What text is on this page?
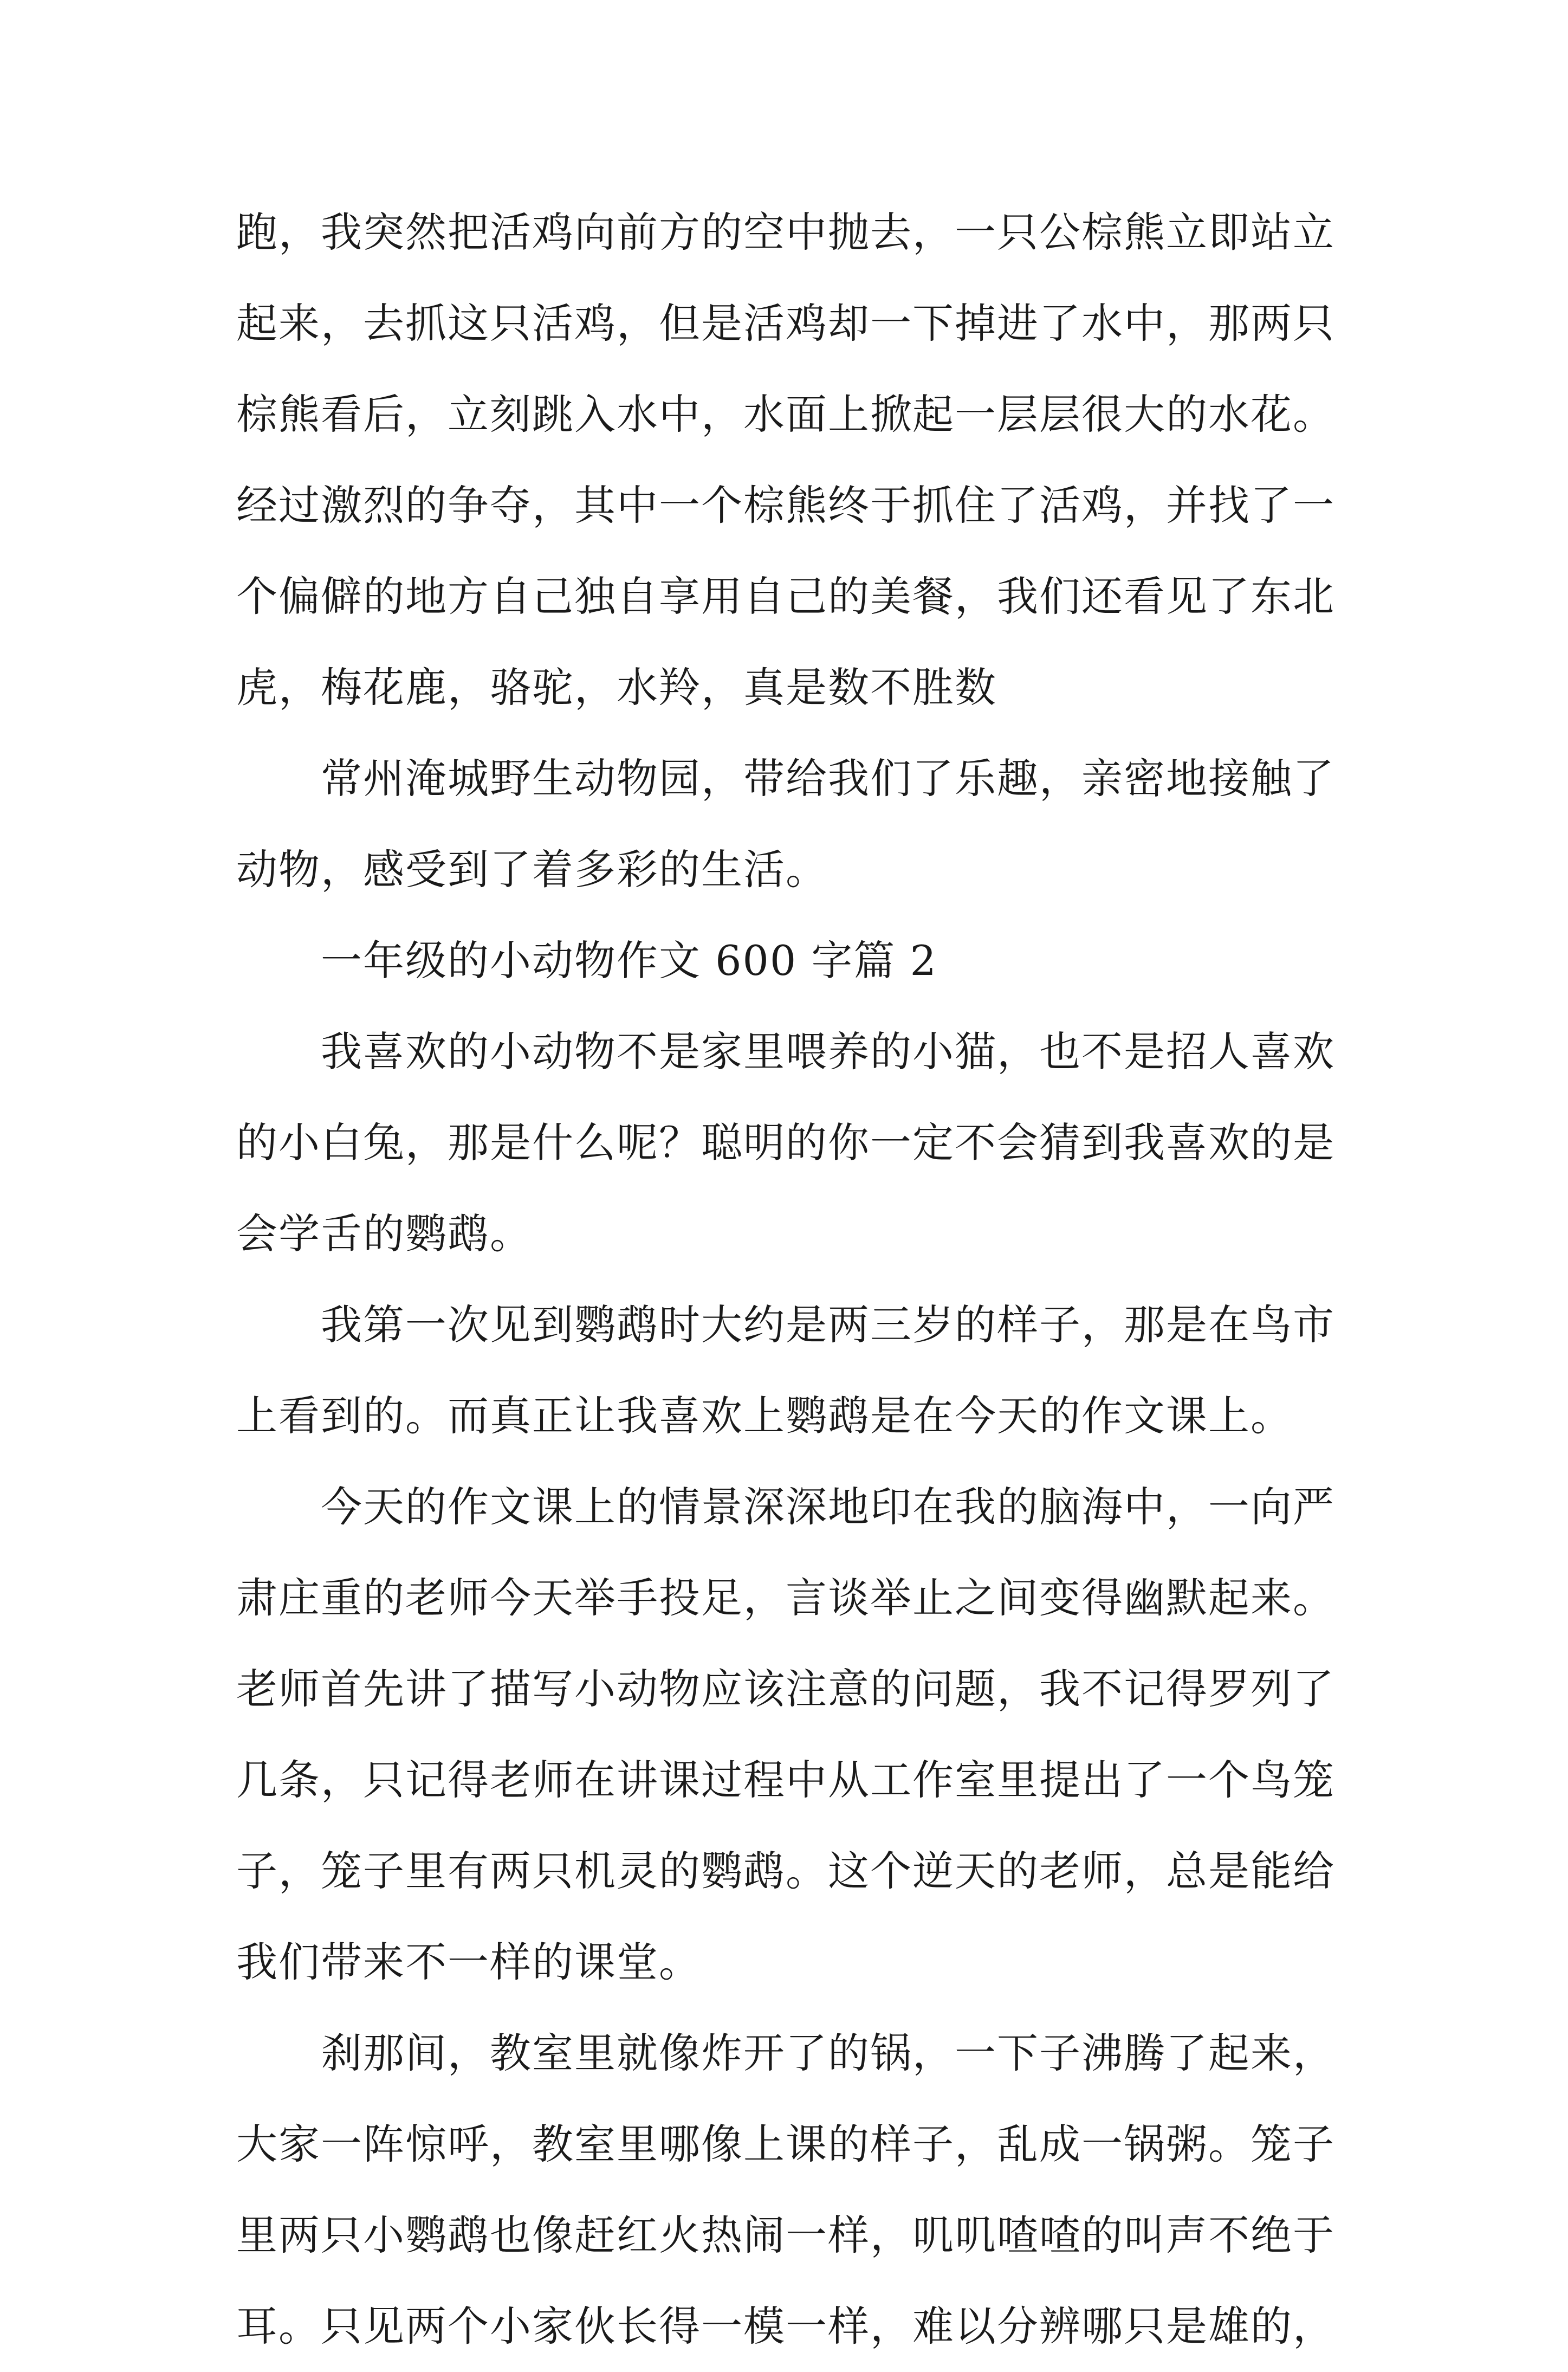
跑，我突然把活鸡向前方的空中抛去，一只公棕熊立即站立
起来，去抓这只活鸡，但是活鸡却一下掉进了水中，那两只
棕熊看后，立刻跳入水中，水面上掀起一层层很大的水花。
经过激烈的争夺，其中一个棕熊终于抓住了活鸡，并找了一
个偏僻的地方自己独自享用自己的美餐，我们还看见了东北
虎，梅花鹿，骆驼，水羚，真是数不胜数

　　常州淹城野生动物园，带给我们了乐趣，亲密地接触了
动物，感受到了着多彩的生活。

　　一年级的小动物作文 600 字篇 2

　　我喜欢的小动物不是家里喂养的小猫，也不是招人喜欢
的小白兔，那是什么呢？聪明的你一定不会猜到我喜欢的是
会学舌的鹦鹉。

　　我第一次见到鹦鹉时大约是两三岁的样子，那是在鸟市
上看到的。而真正让我喜欢上鹦鹉是在今天的作文课上。

　　今天的作文课上的情景深深地印在我的脑海中，一向严
肃庄重的老师今天举手投足，言谈举止之间变得幽默起来。
老师首先讲了描写小动物应该注意的问题，我不记得罗列了
几条，只记得老师在讲课过程中从工作室里提出了一个鸟笼
子，笼子里有两只机灵的鹦鹉。这个逆天的老师，总是能给
我们带来不一样的课堂。

　　刹那间，教室里就像炸开了的锅，一下子沸腾了起来，
大家一阵惊呼，教室里哪像上课的样子，乱成一锅粥。笼子
里两只小鹦鹉也像赶红火热闹一样，叽叽喳喳的叫声不绝于
耳。只见两个小家伙长得一模一样，难以分辨哪只是雄的，
